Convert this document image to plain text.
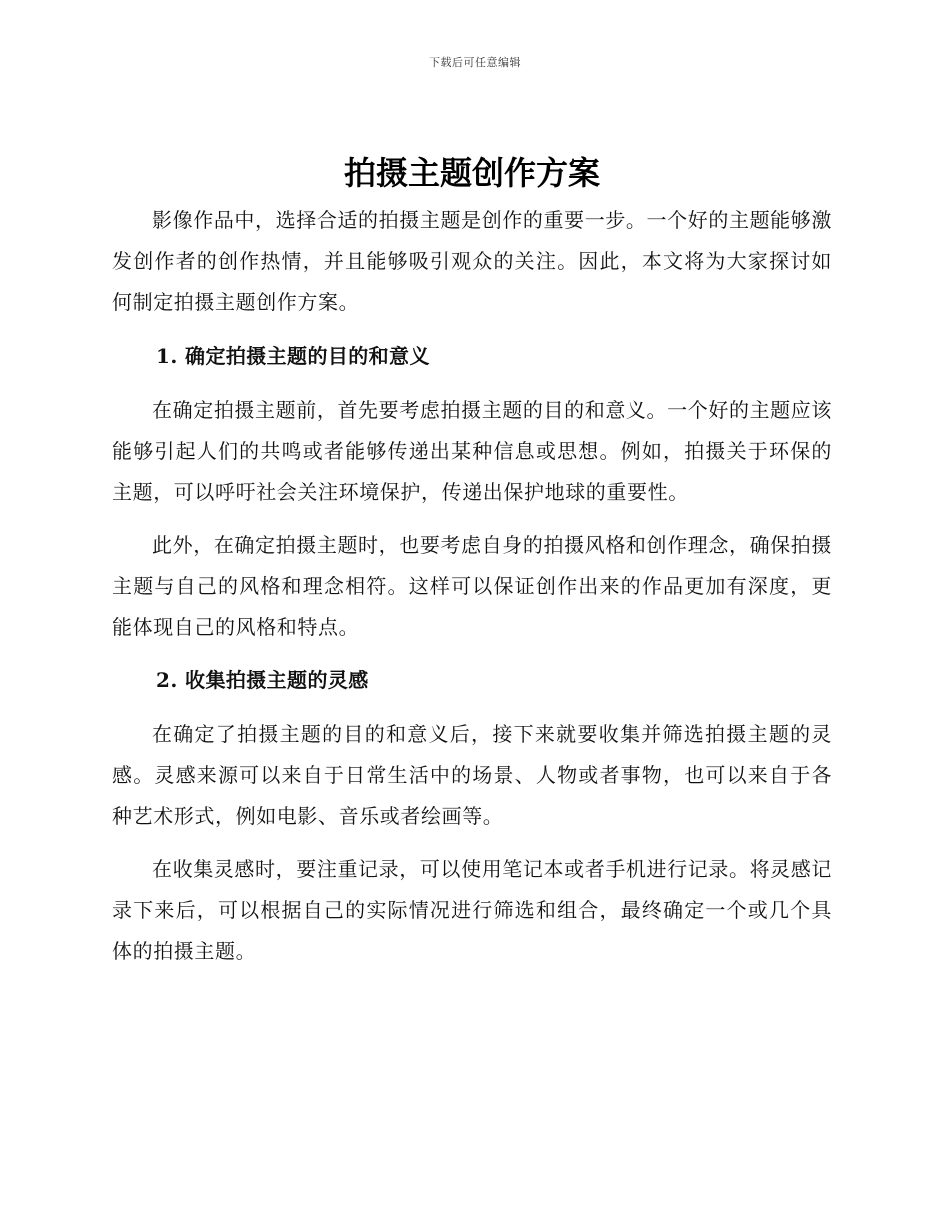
下载后可任意编辑
拍摄主题创作方案

影像作品中，选择合适的拍摄主题是创作的重要一步。一个好的主题能够激发创作者的创作热情，并且能够吸引观众的关注。因此，本文将为大家探讨如何制定拍摄主题创作方案。

1. 确定拍摄主题的目的和意义

在确定拍摄主题前，首先要考虑拍摄主题的目的和意义。一个好的主题应该能够引起人们的共鸣或者能够传递出某种信息或思想。例如，拍摄关于环保的主题，可以呼吁社会关注环境保护，传递出保护地球的重要性。

此外，在确定拍摄主题时，也要考虑自身的拍摄风格和创作理念，确保拍摄主题与自己的风格和理念相符。这样可以保证创作出来的作品更加有深度，更能体现自己的风格和特点。

2. 收集拍摄主题的灵感

在确定了拍摄主题的目的和意义后，接下来就要收集并筛选拍摄主题的灵感。灵感来源可以来自于日常生活中的场景、人物或者事物，也可以来自于各种艺术形式，例如电影、音乐或者绘画等。

在收集灵感时，要注重记录，可以使用笔记本或者手机进行记录。将灵感记录下来后，可以根据自己的实际情况进行筛选和组合，最终确定一个或几个具体的拍摄主题。
